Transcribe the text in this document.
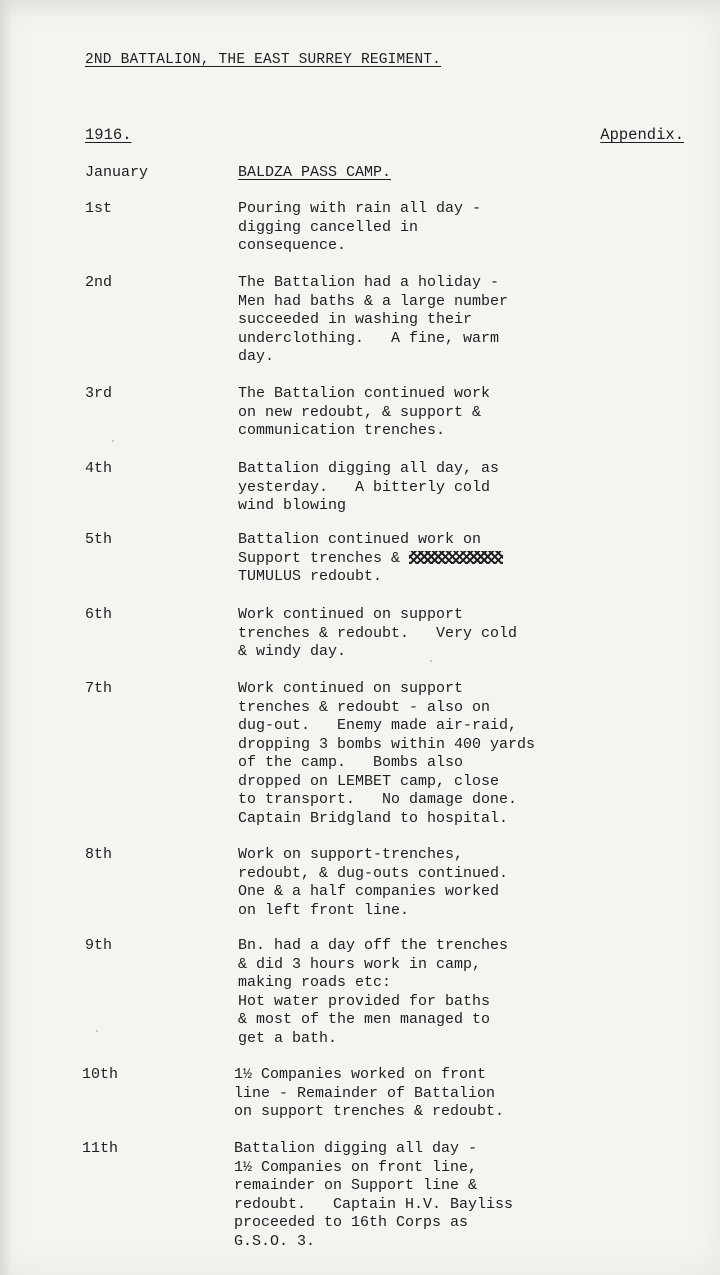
2ND BATTALION, THE EAST SURREY REGIMENT.
1916.	Appendix.
January	BALDZA PASS CAMP.
1st	Pouring with rain all day -
digging cancelled in
consequence.
2nd	The Battalion had a holiday -
Men had baths & a large number
succeeded in washing their
underclothing.   A fine, warm
day.
3rd	The Battalion continued work
on new redoubt, & support &
communication trenches.
4th	Battalion digging all day, as
yesterday.   A bitterly cold
wind blowing
5th	Battalion continued work on
Support trenches &
TUMULUS redoubt.
6th	Work continued on support
trenches & redoubt.   Very cold
& windy day.
7th	Work continued on support
trenches & redoubt - also on
dug-out.   Enemy made air-raid,
dropping 3 bombs within 400 yards
of the camp.   Bombs also
dropped on LEMBET camp, close
to transport.   No damage done.
Captain Bridgland to hospital.
8th	Work on support-trenches,
redoubt, & dug-outs continued.
One & a half companies worked
on left front line.
9th	Bn. had a day off the trenches
& did 3 hours work in camp,
making roads etc:
Hot water provided for baths
& most of the men managed to
get a bath.
10th	1½ Companies worked on front
line - Remainder of Battalion
on support trenches & redoubt.
11th	Battalion digging all day -
1½ Companies on front line,
remainder on Support line &
redoubt.   Captain H.V. Bayliss
proceeded to 16th Corps as
G.S.O. 3.
